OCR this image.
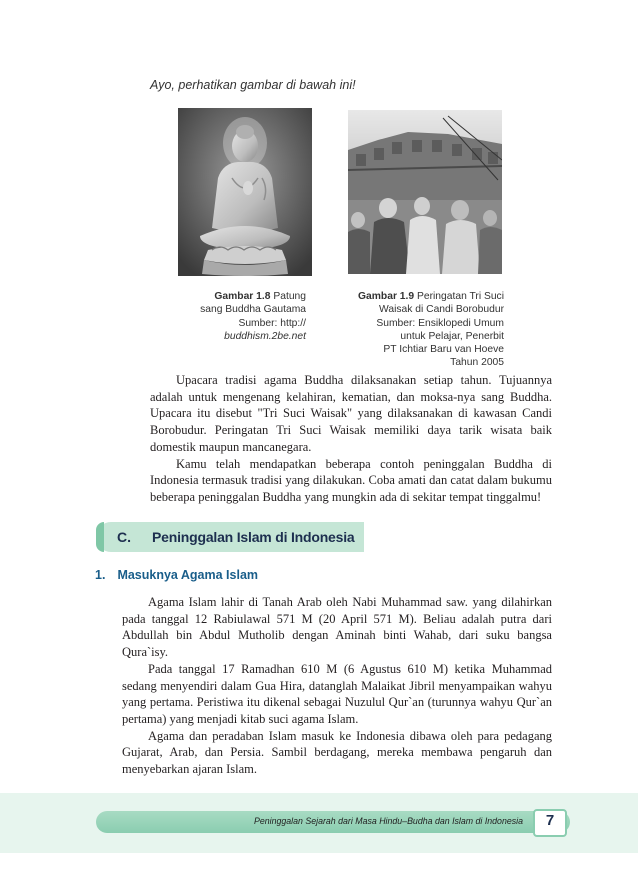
Ayo, perhatikan gambar di bawah ini!
Gambar 1.8 Patung
sang Buddha Gautama
Sumber: http://
buddhism.2be.net
Gambar 1.9 Peringatan Tri Suci
Waisak di Candi Borobudur
Sumber: Ensiklopedi Umum
untuk Pelajar, Penerbit
PT Ichtiar Baru van Hoeve
Tahun 2005

Upacara tradisi agama Buddha dilaksanakan setiap tahun. Tujuannya adalah untuk mengenang kelahiran, kematian, dan moksa-nya sang Buddha. Upacara itu disebut "Tri Suci Waisak" yang dilaksanakan di kawasan Candi Borobudur. Peringatan Tri Suci Waisak memiliki daya tarik wisata baik domestik maupun mancanegara.

Kamu telah mendapatkan beberapa contoh peninggalan Buddha di Indonesia termasuk tradisi yang dilakukan. Coba amati dan catat dalam bukumu beberapa peninggalan Buddha yang mungkin ada di sekitar tempat tinggalmu!

C. Peninggalan Islam di Indonesia
1. Masuknya Agama Islam

Agama Islam lahir di Tanah Arab oleh Nabi Muhammad saw. yang dilahirkan pada tanggal 12 Rabiulawal 571 M (20 April 571 M). Beliau adalah putra dari Abdullah bin Abdul Mutholib dengan Aminah binti Wahab, dari suku bangsa Qura`isy.

Pada tanggal 17 Ramadhan 610 M (6 Agustus 610 M) ketika Muhammad sedang menyendiri dalam Gua Hira, datanglah Malaikat Jibril menyampaikan wahyu yang pertama. Peristiwa itu dikenal sebagai Nuzulul Qur`an (turunnya wahyu Qur`an pertama) yang menjadi kitab suci agama Islam.

Agama dan peradaban Islam masuk ke Indonesia dibawa oleh para pedagang Gujarat, Arab, dan Persia. Sambil berdagang, mereka membawa pengaruh dan menyebarkan ajaran Islam.

Peninggalan Sejarah dari Masa Hindu–Budha dan Islam di Indonesia	7
